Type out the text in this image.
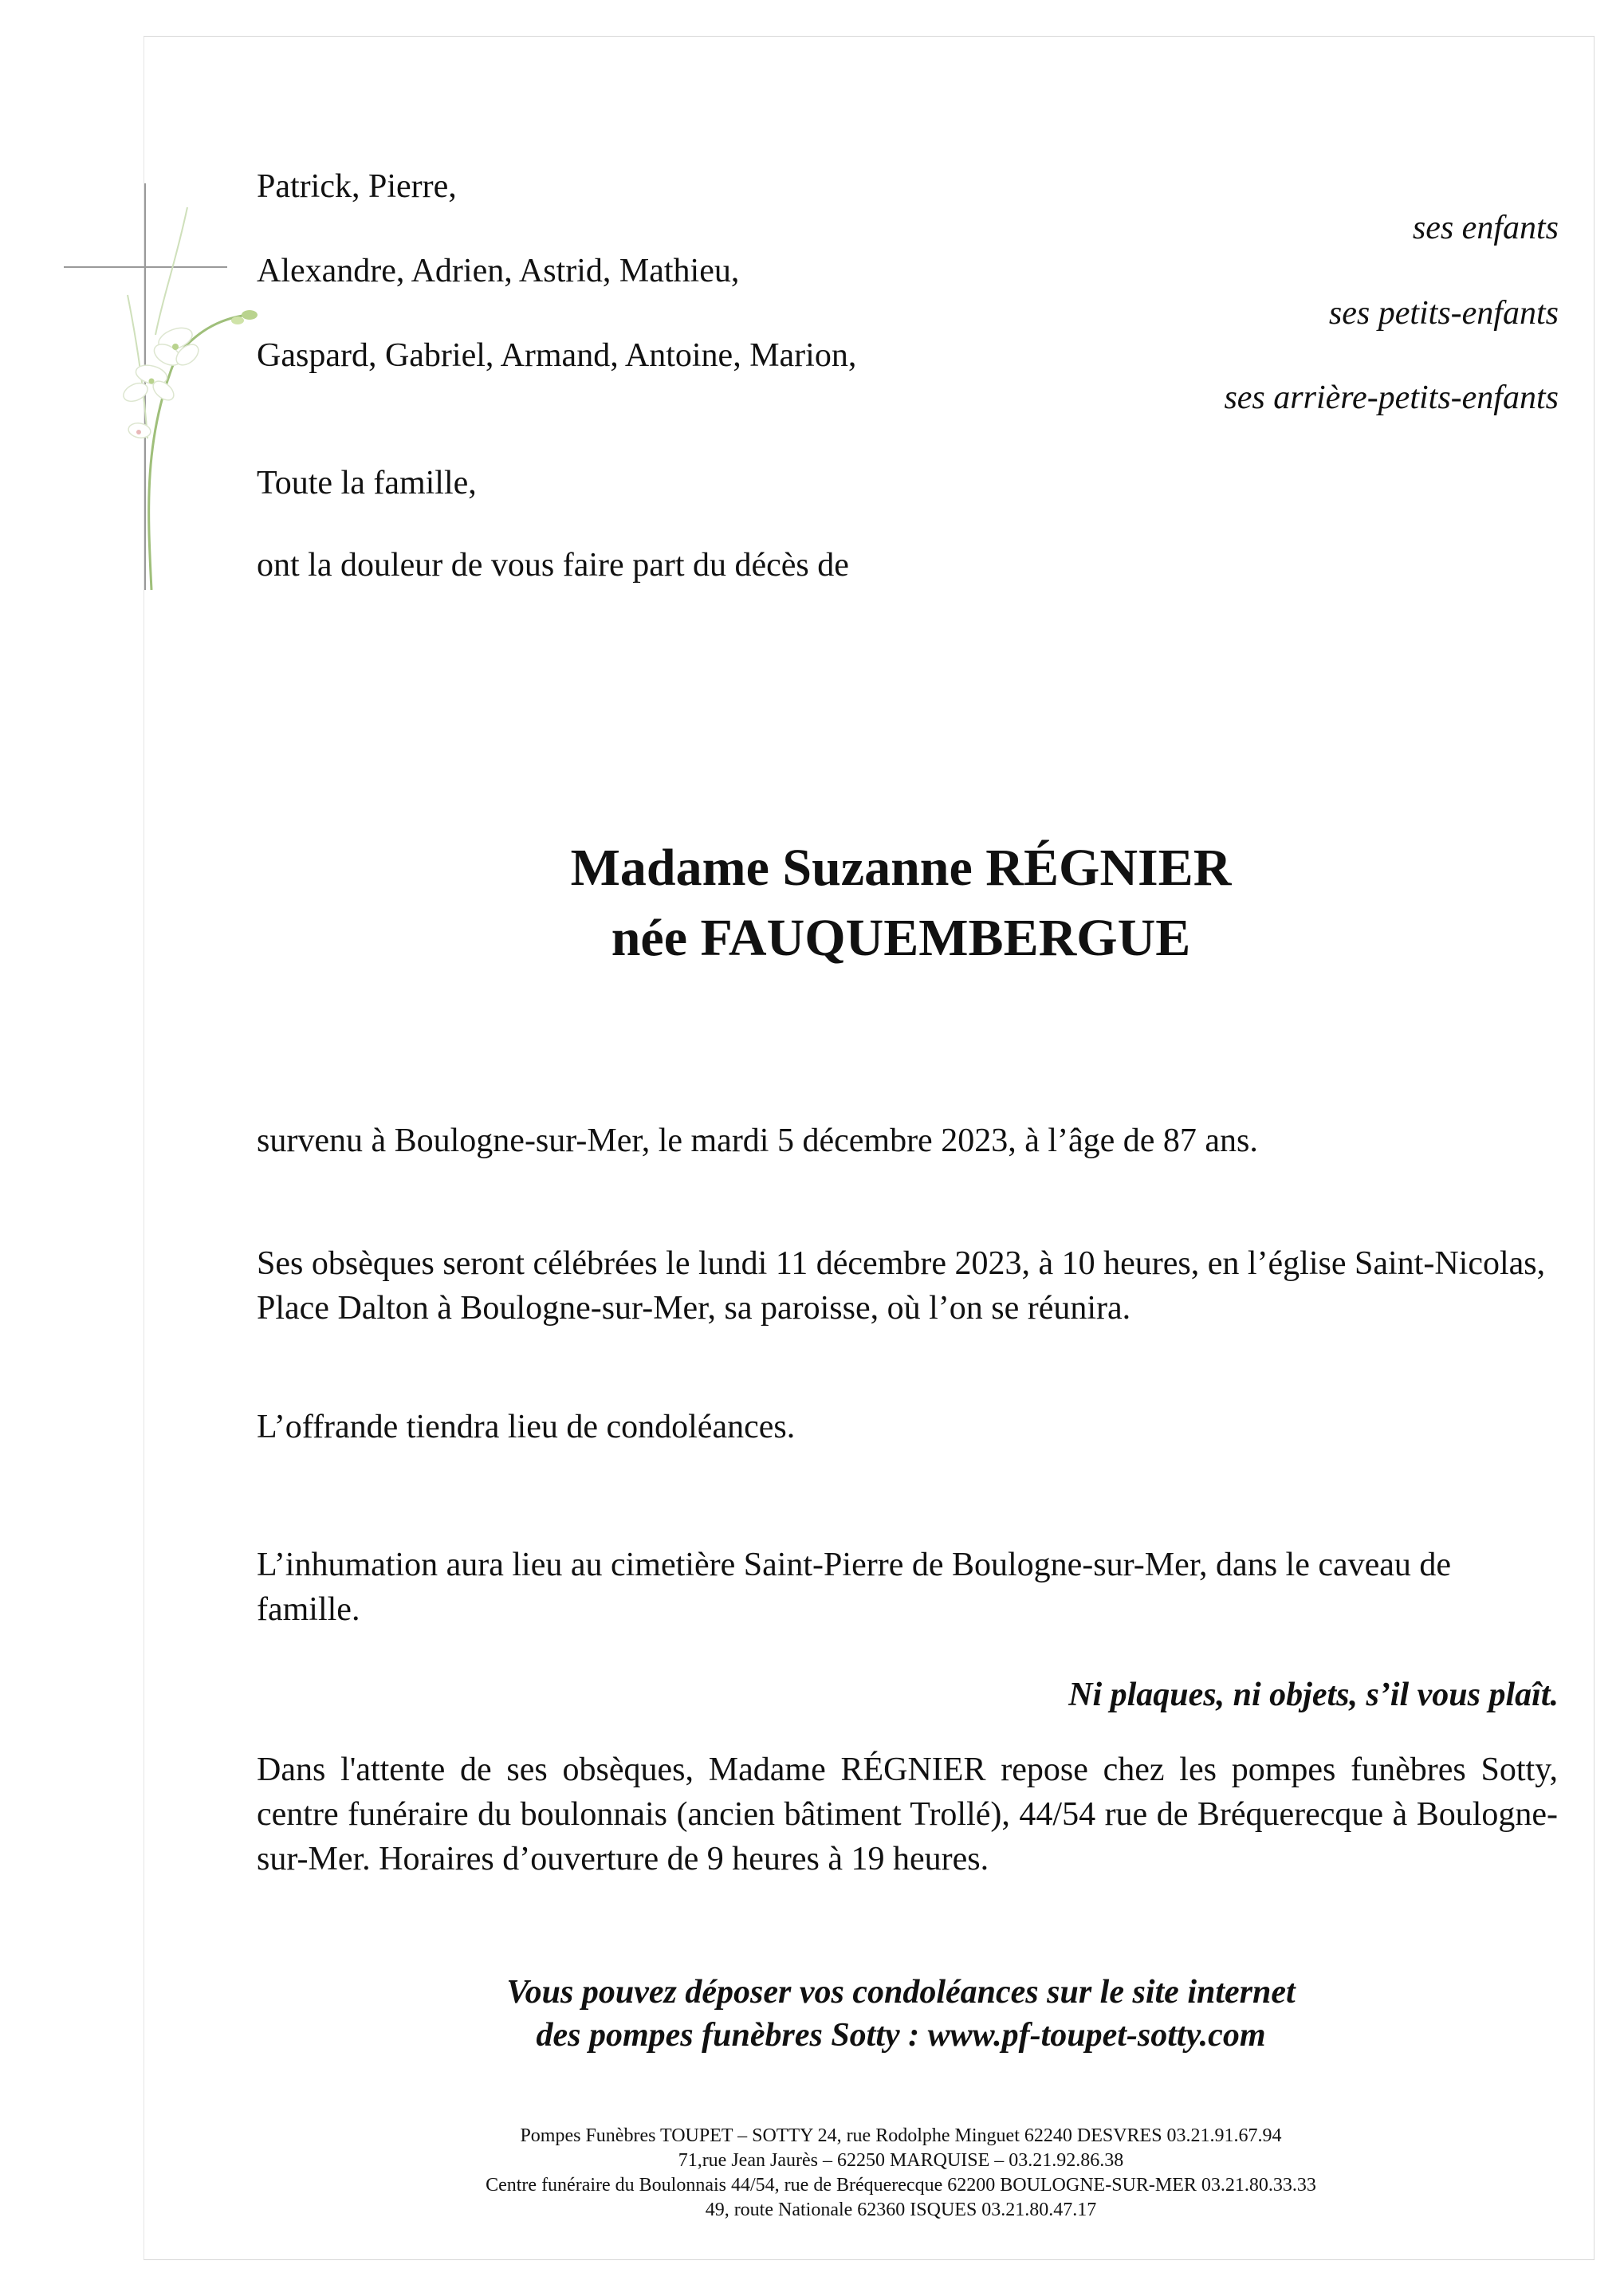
Patrick, Pierre,
ses enfants
Alexandre, Adrien, Astrid, Mathieu,
ses petits-enfants
Gaspard, Gabriel, Armand, Antoine, Marion,
ses arrière-petits-enfants
Toute la famille,
ont la douleur de vous faire part du décès de
Madame Suzanne RÉGNIER
née FAUQUEMBERGUE
survenu à Boulogne-sur-Mer, le mardi 5 décembre 2023, à l’âge de 87 ans.
Ses obsèques seront célébrées le lundi 11 décembre 2023, à 10 heures, en l’église Saint-Nicolas, Place Dalton à Boulogne-sur-Mer, sa paroisse, où l’on se réunira.
L’offrande tiendra lieu de condoléances.
L’inhumation aura lieu au cimetière Saint-Pierre de Boulogne-sur-Mer, dans le caveau de famille.
Ni plaques, ni objets, s’il vous plaît.
Dans l'attente de ses obsèques, Madame RÉGNIER repose chez les pompes funèbres Sotty, centre funéraire du boulonnais (ancien bâtiment Trollé), 44/54 rue de Bréquerecque à Boulogne-sur-Mer. Horaires d’ouverture de 9 heures à 19 heures.
Vous pouvez déposer vos condoléances sur le site internet
des pompes funèbres Sotty : www.pf-toupet-sotty.com
Pompes Funèbres TOUPET – SOTTY 24, rue Rodolphe Minguet 62240 DESVRES 03.21.91.67.94
71,rue Jean Jaurès – 62250 MARQUISE – 03.21.92.86.38
Centre funéraire du Boulonnais 44/54, rue de Bréquerecque 62200 BOULOGNE-SUR-MER 03.21.80.33.33
49, route Nationale 62360 ISQUES 03.21.80.47.17
